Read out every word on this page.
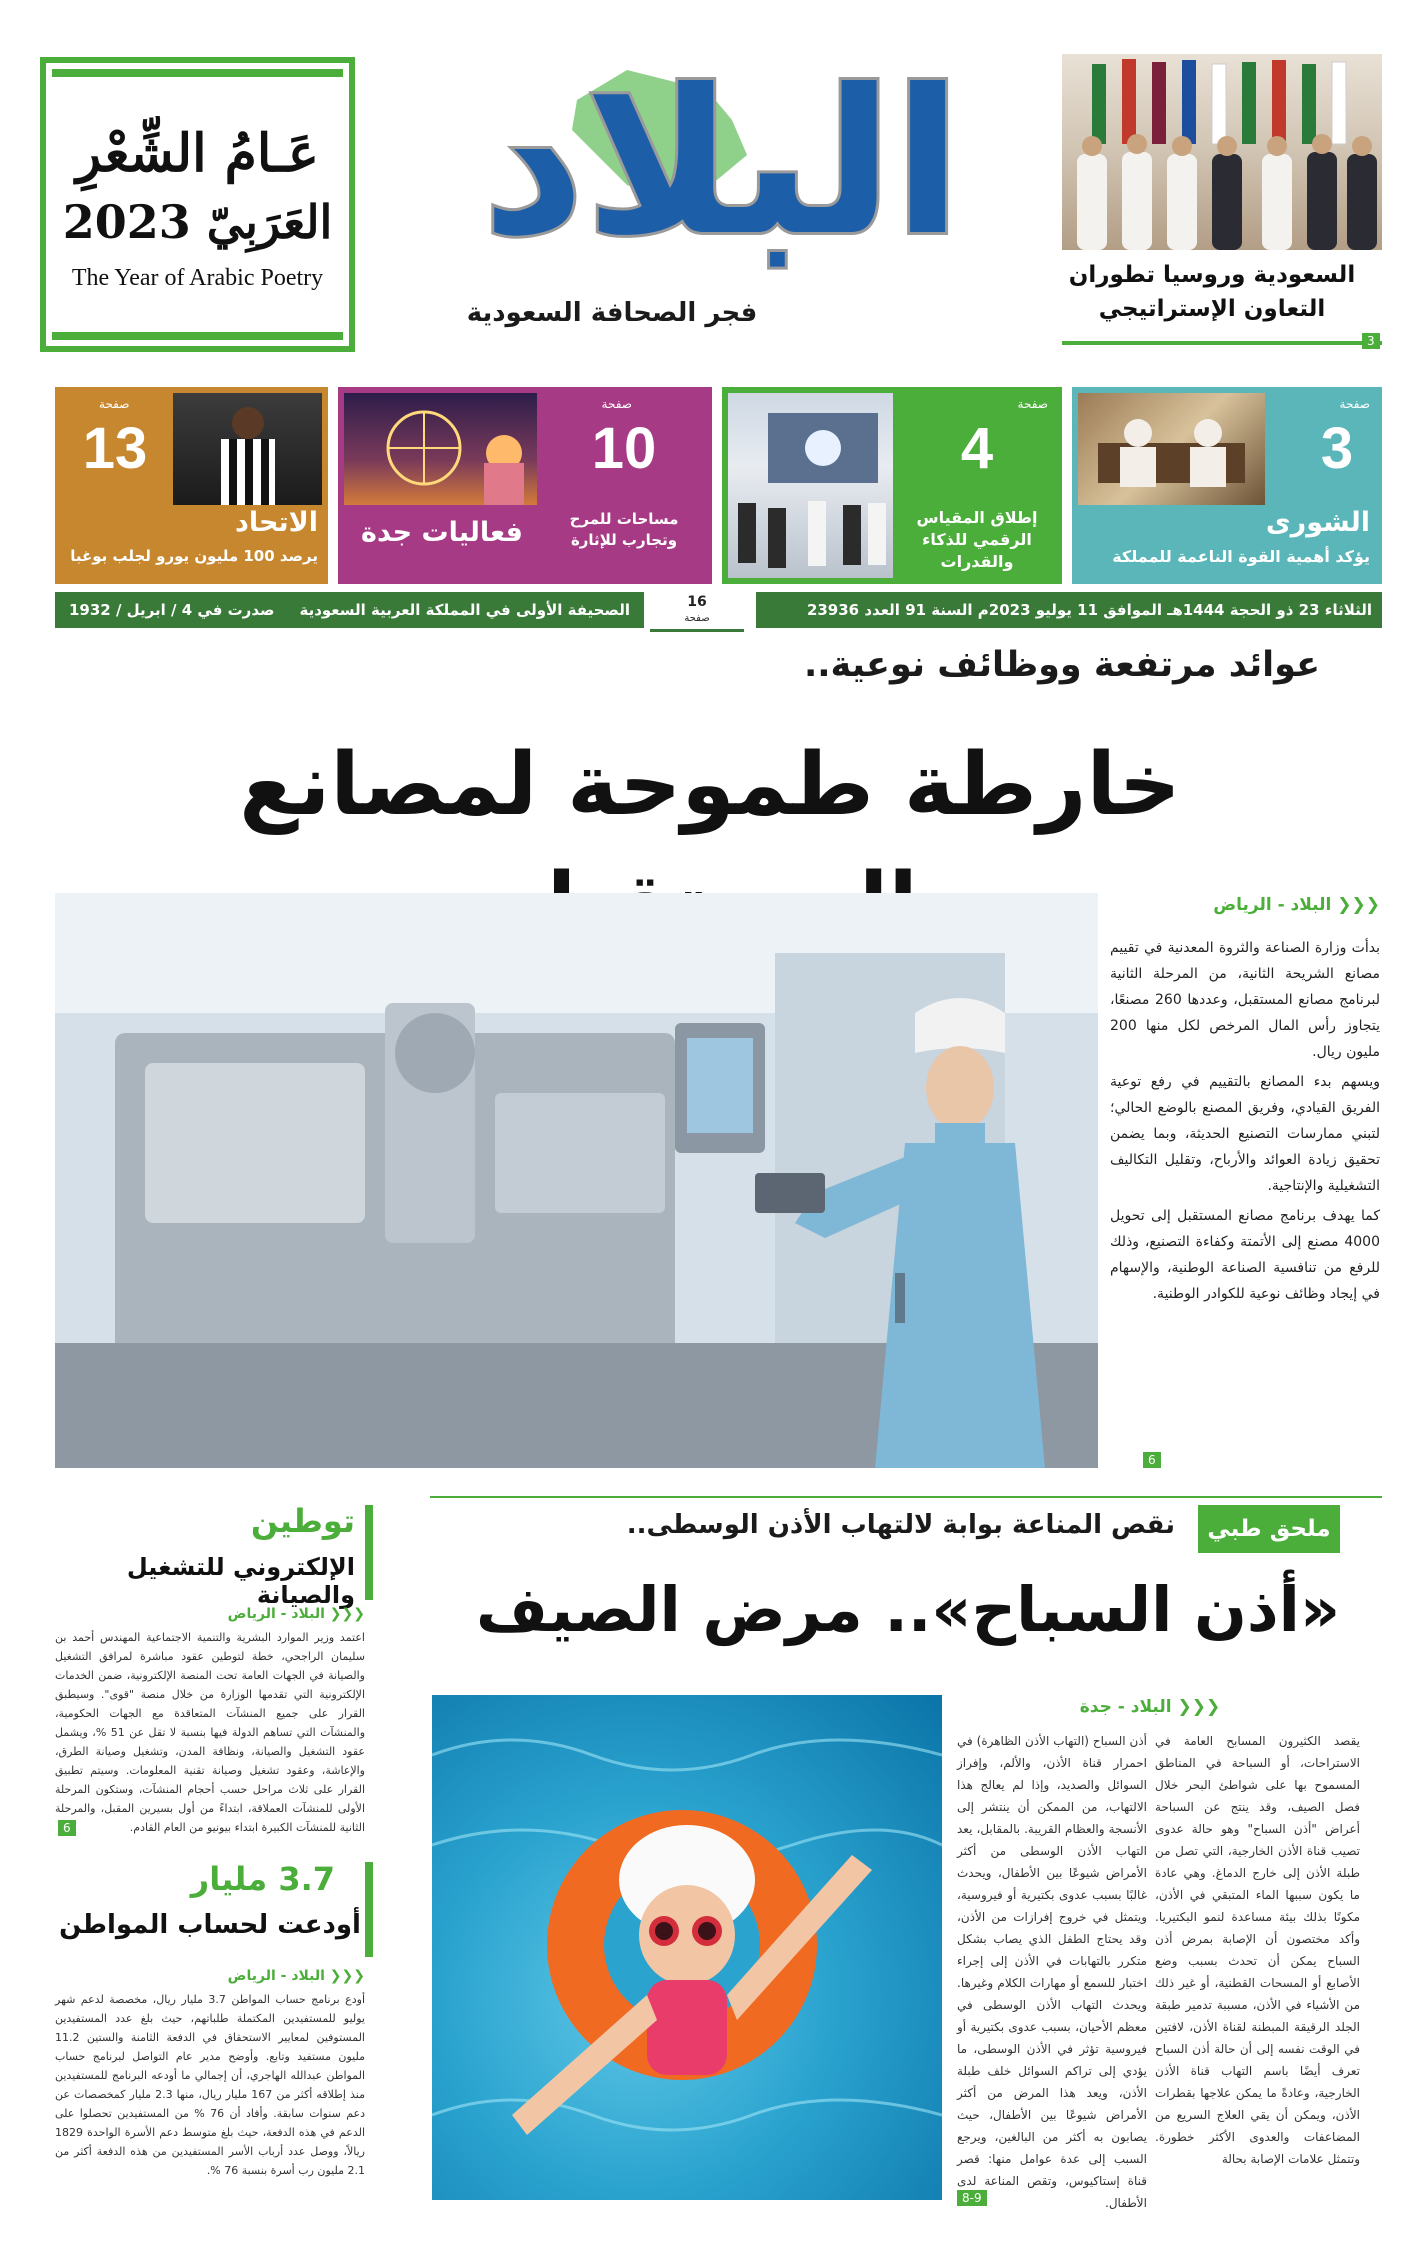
عَـامُ الشِّعْرِ
العَرَبِيّ 2023
The Year of Arabic Poetry البلاد
فجر الصحافة السعودية
السعودية وروسيا تطوران
التعاون الإستراتيجي
3
صفحة
3
الشورى
يؤكد أهمية القوة الناعمة للمملكة
صفحة
4
إطلاق المقياس الرقمي للذكاء والقدرات
صفحة
10
مساحات للمرح وتجارب للإثارة
فعاليات جدة
صفحة
13
الاتحاد
يرصد 100 مليون يورو لجلب بوغبا
الثلاثاء 23 ذو الحجة 1444هـ الموافق 11 يوليو 2023م السنة 91 العدد 23936
16
صفحة
الصحيفة الأولى في المملكة العربية السعودية
صدرت في 4 / ابريل / 1932
عوائد مرتفعة ووظائف نوعية..
خارطة طموحة لمصانع
❮❮❮ البلاد - الرياض

بدأت وزارة الصناعة والثروة المعدنية في تقييم مصانع الشريحة الثانية، من المرحلة الثانية لبرنامج مصانع المستقبل، وعددها 260 مصنعًا، يتجاوز رأس المال المرخص لكل منها 200 مليون ريال.

ويسهم بدء المصانع بالتقييم في رفع توعية الفريق القيادي، وفريق المصنع بالوضع الحالي؛ لتبني ممارسات التصنيع الحديثة، وبما يضمن تحقيق زيادة العوائد والأرباح، وتقليل التكاليف التشغيلية والإنتاجية.

كما يهدف برنامج مصانع المستقبل إلى تحويل 4000 مصنع إلى الأتمتة وكفاءة التصنيع، وذلك للرفع من تنافسية الصناعة الوطنية، والإسهام في إيجاد وظائف نوعية للكوادر الوطنية.

6
توطين
الإلكتروني للتشغيل والصيانة
❮❮❮ البلاد - الرياض
اعتمد وزير الموارد البشرية والتنمية الاجتماعية المهندس أحمد بن سليمان الراجحي، خطة لتوطين عقود مباشرة لمرافق التشغيل والصيانة في الجهات العامة تحت المنصة الإلكترونية، ضمن الخدمات الإلكترونية التي تقدمها الوزارة من خلال منصة "قوى". وسيطبق القرار على جميع المنشآت المتعاقدة مع الجهات الحكومية، والمنشآت التي تساهم الدولة فيها بنسبة لا تقل عن 51 %، ويشمل عقود التشغيل والصيانة، ونظافة المدن، وتشغيل وصيانة الطرق، والإعاشة، وعقود تشغيل وصيانة تقنية المعلومات. وسيتم تطبيق القرار على ثلاث مراحل حسب أحجام المنشآت، وستكون المرحلة الأولى للمنشآت العملاقة، ابتداءً من أول بسيرين المقبل، والمرحلة الثانية للمنشآت الكبيرة ابتداء بيونيو من العام القادم.
6
3.7 مليار
أودعت لحساب المواطن
❮❮❮ البلاد - الرياض
أودع برنامج حساب المواطن 3.7 مليار ريال، مخصصة لدعم شهر يوليو للمستفيدين المكتملة طلباتهم، حيث بلغ عدد المستفيدين المستوفين لمعايير الاستحقاق في الدفعة الثامنة والستين 11.2 مليون مستفيد وتابع. وأوضح مدير عام التواصل لبرنامج حساب المواطن عبدالله الهاجري، أن إجمالي ما أودعه البرنامج للمستفيدين منذ إطلاقه أكثر من 167 مليار ريال، منها 2.3 مليار كمخصصات عن دعم سنوات سابقة. وأفاد أن 76 % من المستفيدين تحصلوا على الدعم في هذه الدفعة، حيث بلغ متوسط دعم الأسرة الواحدة 1829 ريالاً، ووصل عدد أرباب الأسر المستفيدين من هذه الدفعة أكثر من 2.1 مليون رب أسرة بنسبة 76 %.
ملحق طبي
نقص المناعة بوابة لالتهاب الأذن الوسطى..
«أذن السباح».. مرض الصيف
❮❮❮ البلاد - جدة
يقصد الكثيرون المسابح العامة في الاستراحات، أو السباحة في المناطق المسموح بها على شواطئ البحر خلال فصل الصيف، وقد ينتج عن السباحة أعراض "أذن السباح" وهو حالة عدوى تصيب قناة الأذن الخارجية، التي تصل من طبلة الأذن إلى خارج الدماغ. وهي عادة ما يكون سببها الماء المتبقي في الأذن، مكونًا بذلك بيئة مساعدة لنمو البكتيريا. وأكد مختصون أن الإصابة بمرض أذن السباح يمكن أن تحدث بسبب وضع الأصابع أو المسحات القطنية، أو غير ذلك من الأشياء في الأذن، مسببة تدمير طبقة الجلد الرقيقة المبطنة لقناة الأذن، لافتين في الوقت نفسه إلى أن حالة أذن السباح تعرف أيضًا باسم التهاب قناة الأذن الخارجية، وعادةً ما يمكن علاجها بقطرات الأذن، ويمكن أن يقي العلاج السريع من المضاعفات والعدوى الأكثر خطورة. وتتمثل علامات الإصابة بحالة
أذن السباح (التهاب الأذن الظاهرة) في احمرار قناة الأذن، والألم، وإفراز السوائل والصديد، وإذا لم يعالج هذا الالتهاب، من الممكن أن ينتشر إلى الأنسجة والعظام القريبة. بالمقابل، يعد التهاب الأذن الوسطى من أكثر الأمراض شيوعًا بين الأطفال، ويحدث غالبًا بسبب عدوى بكتيرية أو فيروسية، ويتمثل في خروج إفرازات من الأذن، وقد يحتاج الطفل الذي يصاب بشكل متكرر بالتهابات في الأذن إلى إجراء اختبار للسمع أو مهارات الكلام وغيرها. ويحدث التهاب الأذن الوسطى في معظم الأحيان، بسبب عدوى بكتيرية أو فيروسية تؤثر في الأذن الوسطى، ما يؤدي إلى تراكم السوائل خلف طبلة الأذن، ويعد هذا المرض من أكثر الأمراض شيوعًا بين الأطفال، حيث يصابون به أكثر من البالغين، ويرجع السبب إلى عدة عوامل منها: قصر قناة إستاكيوس، وتقص المناعة لدى الأطفال.
8-9
